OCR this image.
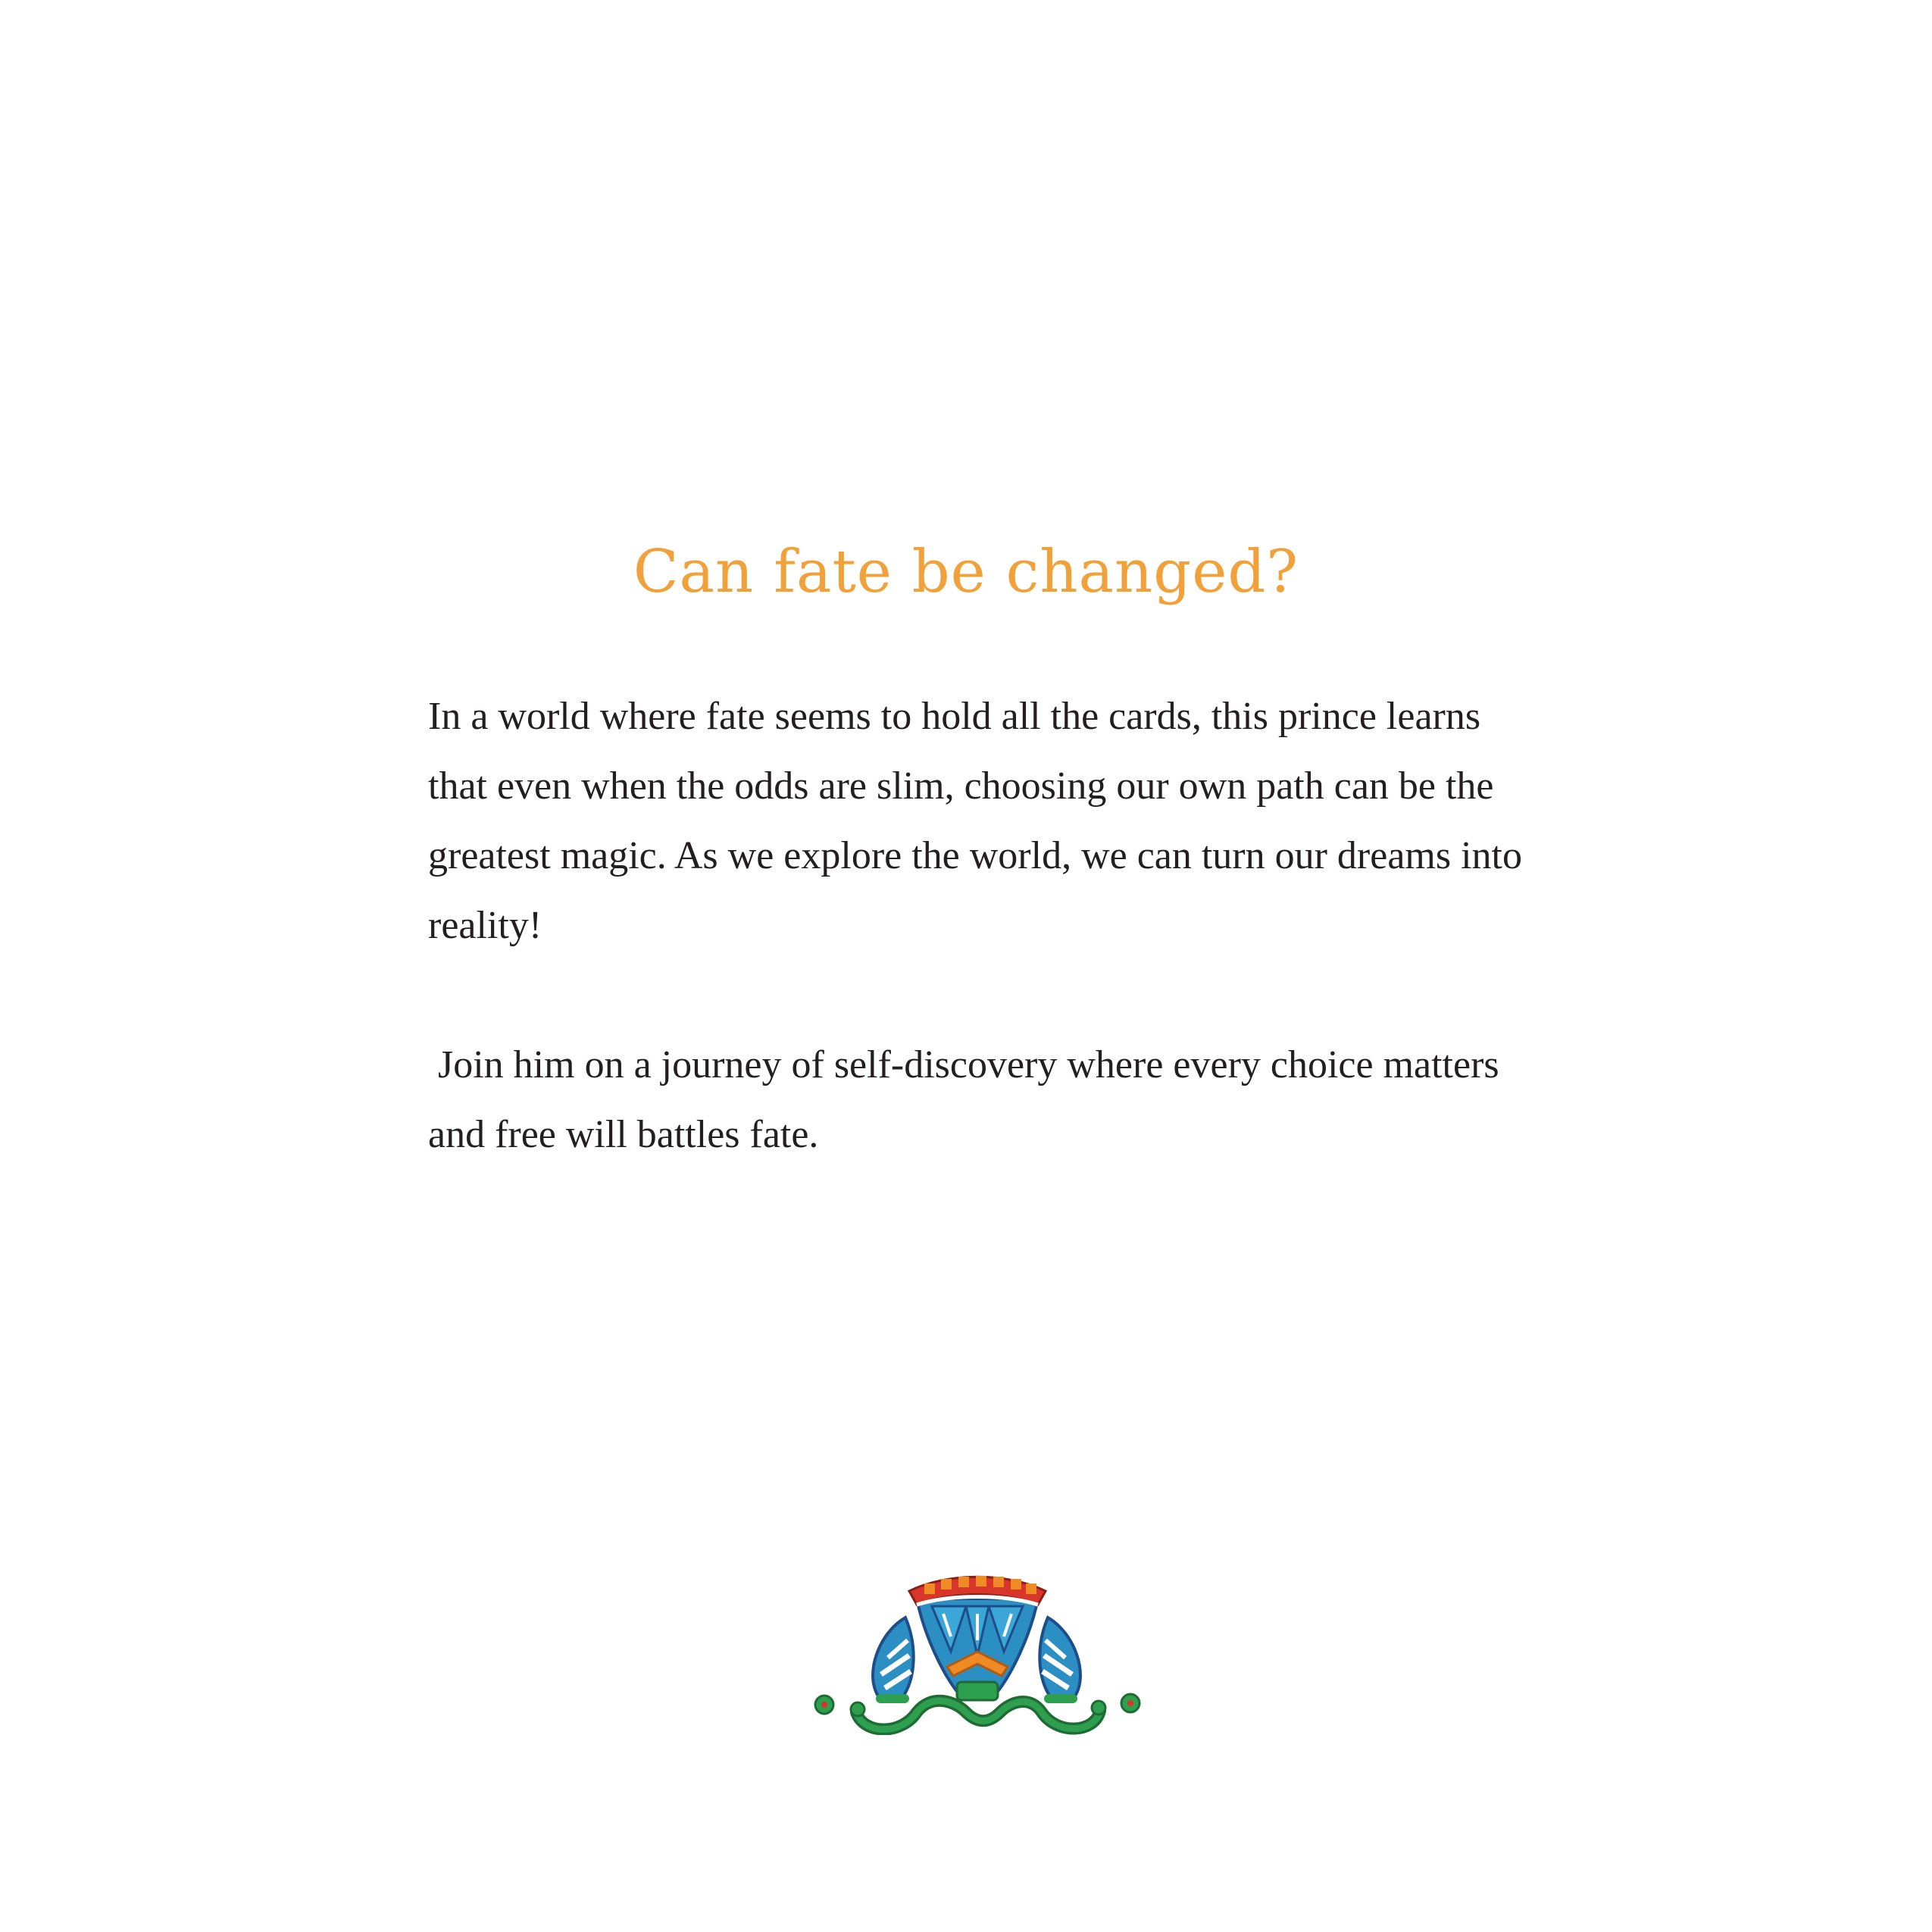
Can fate be changed?

In a world where fate seems to hold all the cards, this prince learns that even when the odds are slim, choosing our own path can be the greatest magic. As we explore the world, we can turn our dreams into reality!

Join him on a journey of self-discovery where every choice matters and free will battles fate.
